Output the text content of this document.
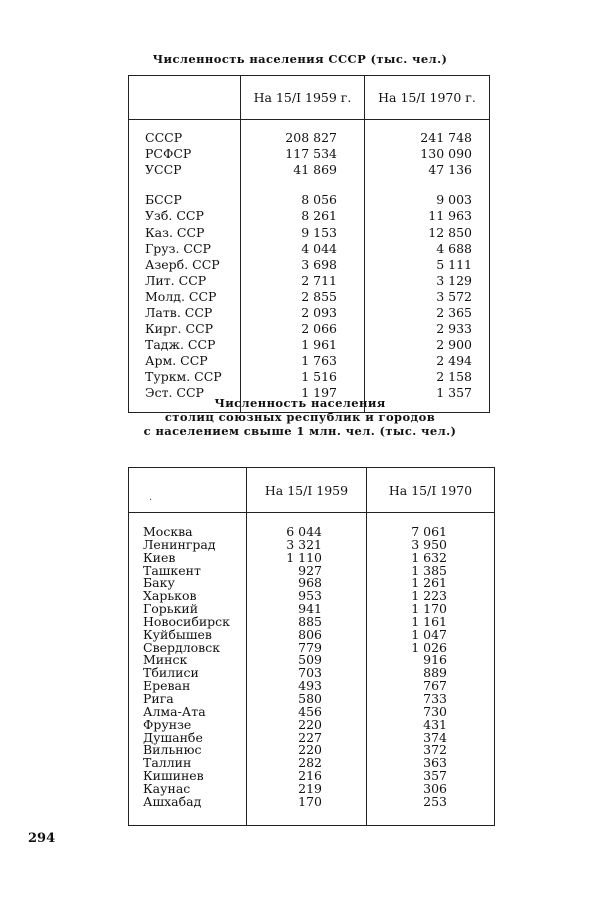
Численность населения СССР (тыс. чел.)
	На 15/I 1959 г.	На 15/I 1970 г.

СССР	208 827	241 748
РСФСР	117 534	130 090
УССР	41 869	47 136

БССР	8 056	9 003
Узб. ССР	8 261	11 963
Каз. ССР	9 153	12 850
Груз. ССР	4 044	4 688
Азерб. ССР	3 698	5 111
Лит. ССР	2 711	3 129
Молд. ССР	2 855	3 572
Латв. ССР	2 093	2 365
Кирг. ССР	2 066	2 933
Тадж. ССР	1 961	2 900
Арм. ССР	1 763	2 494
Туркм. ССР	1 516	2 158
Эст. ССР	1 197	1 357

Численность населения
столиц союзных республик и городов
с населением свыше 1 млн. чел. (тыс. чел.)
·	На 15/I 1959	На 15/I 1970

Москва	6 044	7 061
Ленинград	3 321	3 950
Киев	1 110	1 632
Ташкент	927	1 385
Баку	968	1 261
Харьков	953	1 223
Горький	941	1 170
Новосибирск	885	1 161
Куйбышев	806	1 047
Свердловск	779	1 026
Минск	509	916
Тбилиси	703	889
Ереван	493	767
Рига	580	733
Алма-Ата	456	730
Фрунзе	220	431
Душанбе	227	374
Вильнюс	220	372
Таллин	282	363
Кишинев	216	357
Каунас	219	306
Ашхабад	170	253

294
